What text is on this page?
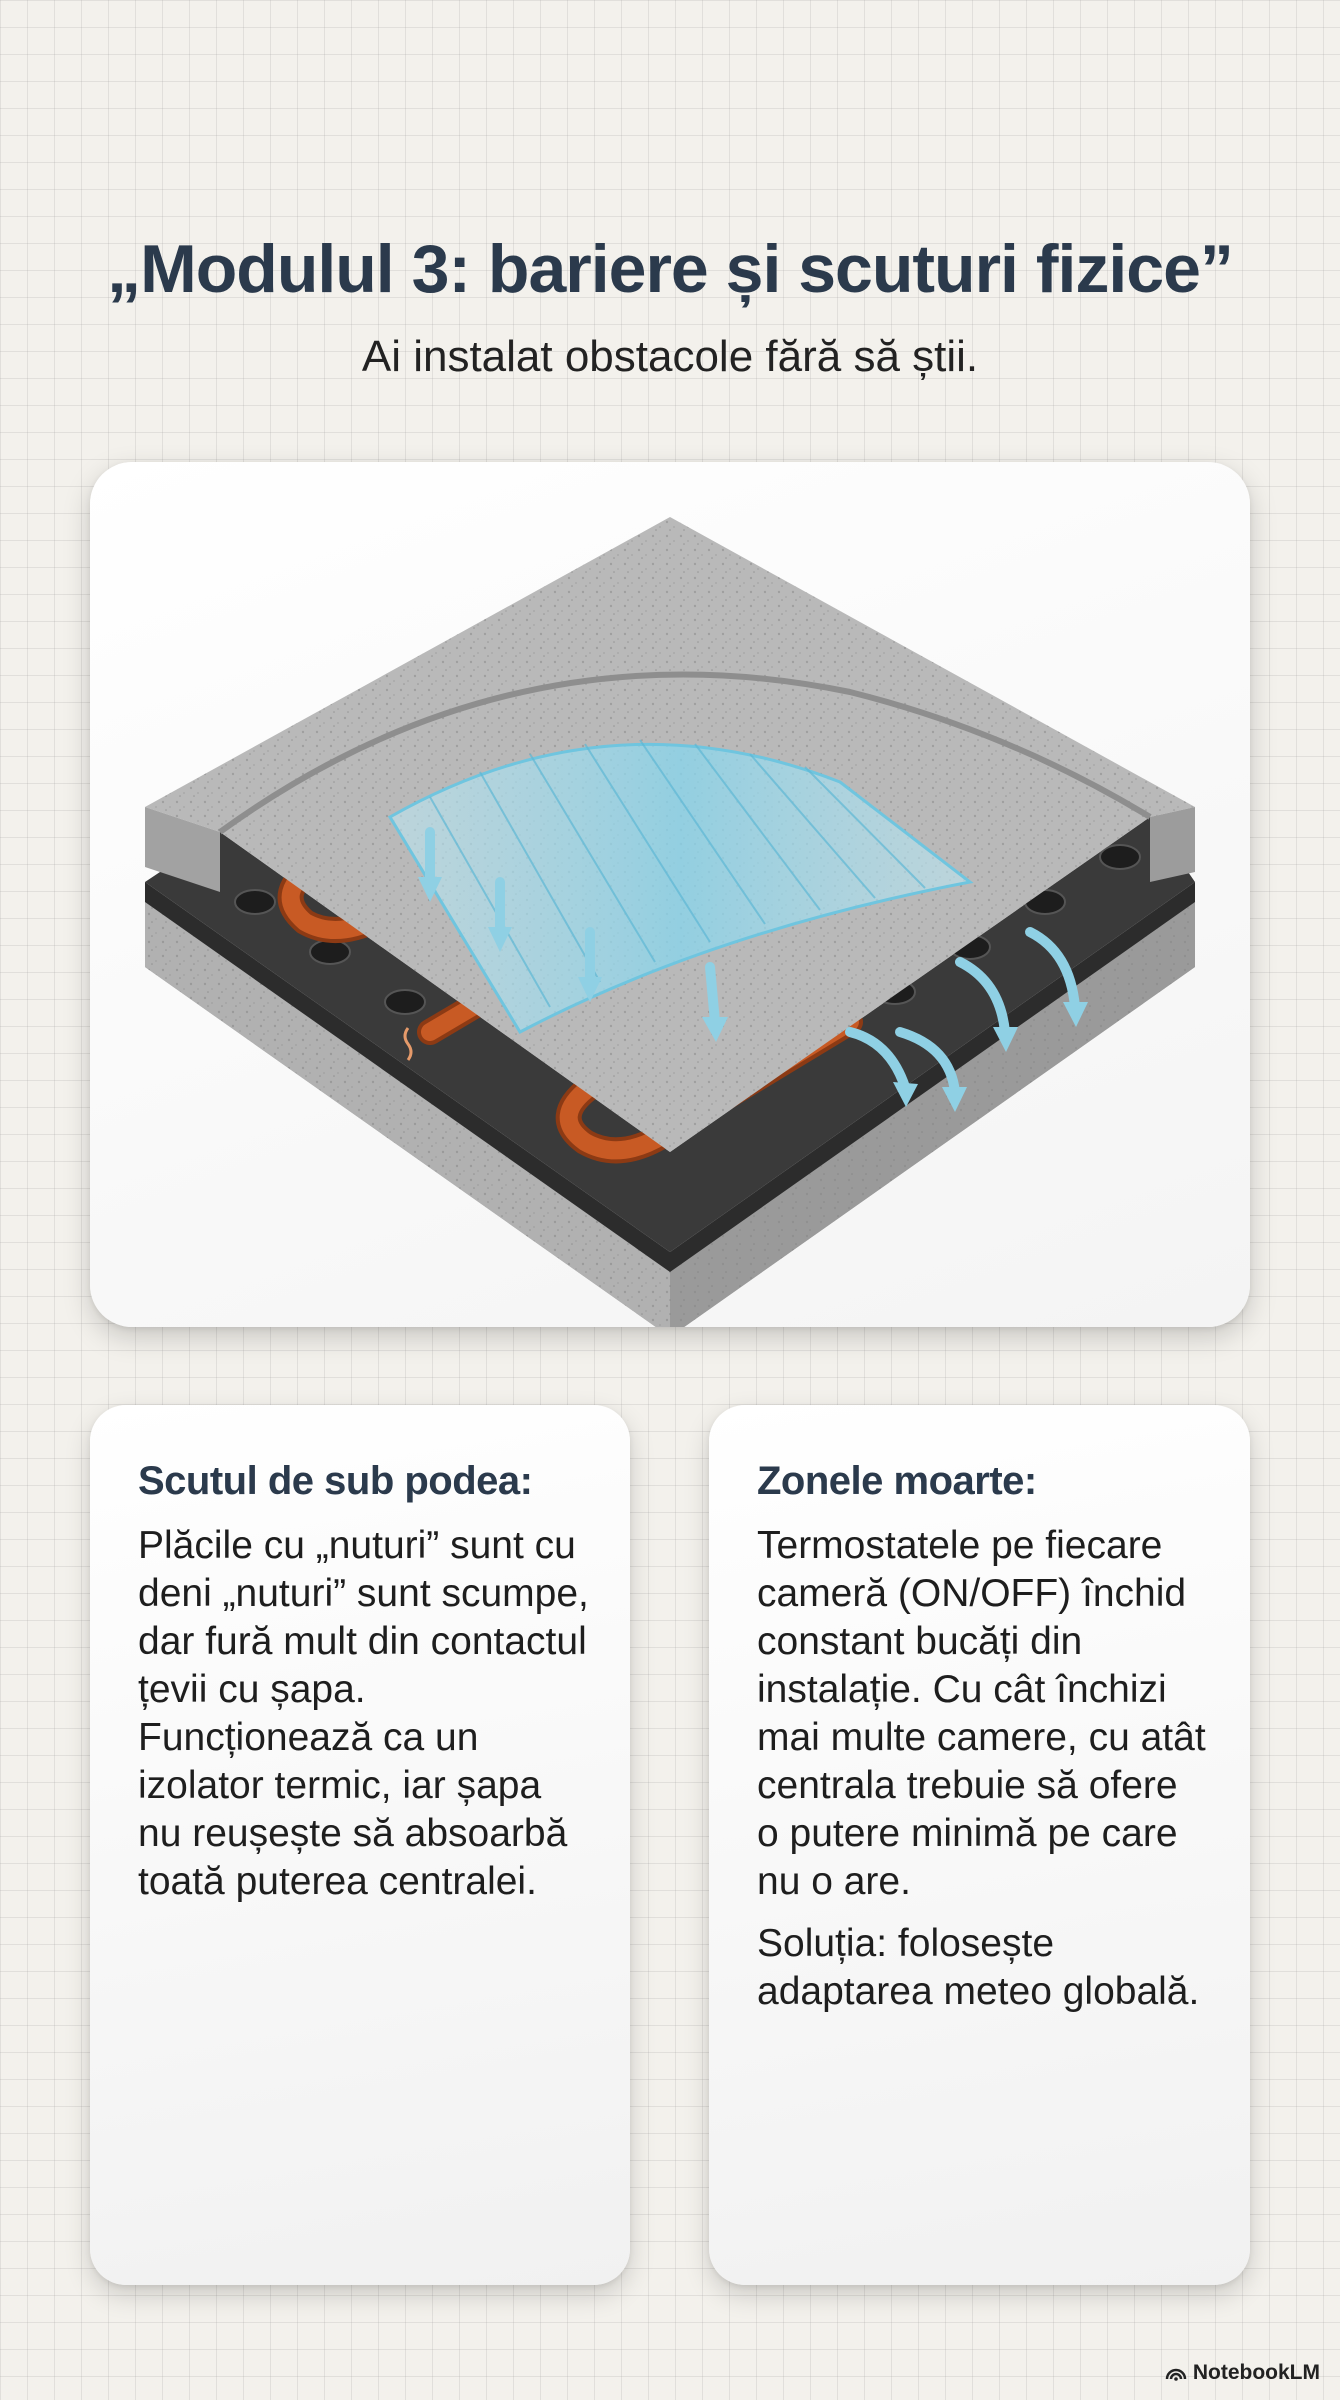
„Modulul 3: bariere și scuturi fizice”
Ai instalat obstacole fără să știi.
Scutul de sub podea:

Plăcile cu „nuturi” sunt cu deni „nuturi” sunt scumpe, dar fură mult din contactul țevii cu șapa. Funcționează ca un izolator termic, iar șapa nu reușește să absoarbă toată puterea centralei.

Zonele moarte:

Termostatele pe fiecare cameră (ON/OFF) închid constant bucăți din instalație. Cu cât închizi mai multe camere, cu atât centrala trebuie să ofere o putere minimă pe care nu o are.

Soluția: folosește adaptarea meteo globală.

NotebookLM
